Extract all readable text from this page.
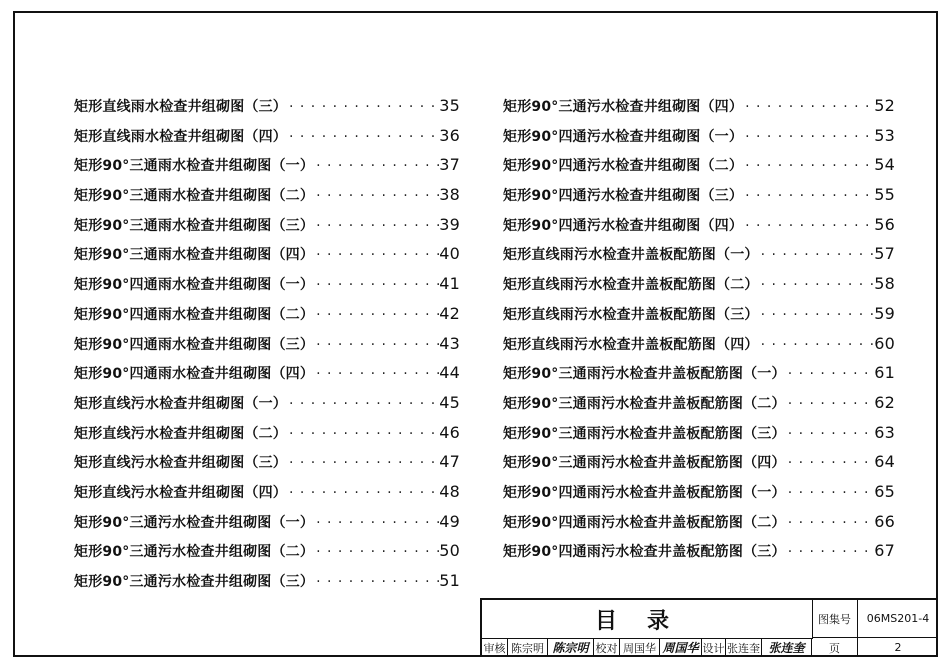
矩形直线雨水检查井组砌图（三） · · ·	35
矩形直线雨水检查井组砌图（四） · · ·	36
矩形90°三通雨水检查井组砌图（一） · · ·	37
矩形90°三通雨水检查井组砌图（二） · · ·	38
矩形90°三通雨水检查井组砌图（三） · · ·	39
矩形90°三通雨水检查井组砌图（四） · · ·	40
矩形90°四通雨水检查井组砌图（一） · · ·	41
矩形90°四通雨水检查井组砌图（二） · · ·	42
矩形90°四通雨水检查井组砌图（三） · · ·	43
矩形90°四通雨水检查井组砌图（四） · · ·	44
矩形直线污水检查井组砌图（一） · · ·	45
矩形直线污水检查井组砌图（二） · · ·	46
矩形直线污水检查井组砌图（三） · · ·	47
矩形直线污水检查井组砌图（四） · · ·	48
矩形90°三通污水检查井组砌图（一） · · ·	49
矩形90°三通污水检查井组砌图（二） · · ·	50
矩形90°三通污水检查井组砌图（三） · · ·	51
矩形90°三通污水检查井组砌图（四） · · ·	52
矩形90°四通污水检查井组砌图（一） · · ·	53
矩形90°四通污水检查井组砌图（二） · · ·	54
矩形90°四通污水检查井组砌图（三） · · ·	55
矩形90°四通污水检查井组砌图（四） · · ·	56
矩形直线雨污水检查井盖板配筋图（一） · · ·	57
矩形直线雨污水检查井盖板配筋图（二） · · ·	58
矩形直线雨污水检查井盖板配筋图（三） · · ·	59
矩形直线雨污水检查井盖板配筋图（四） · · ·	60
矩形90°三通雨污水检查井盖板配筋图（一） · · ·	61
矩形90°三通雨污水检查井盖板配筋图（二） · · ·	62
矩形90°三通雨污水检查井盖板配筋图（三） · · ·	63
矩形90°三通雨污水检查井盖板配筋图（四） · · ·	64
矩形90°四通雨污水检查井盖板配筋图（一） · · ·	65
矩形90°四通雨污水检查井盖板配筋图（二） · · ·	66
矩形90°四通雨污水检查井盖板配筋图（三） · · ·	67
目录	图集号	06MS201-4
审核 陈宗明 陈宗明 校对 周国华 周国华 设计 张连奎 张连奎	页	2
